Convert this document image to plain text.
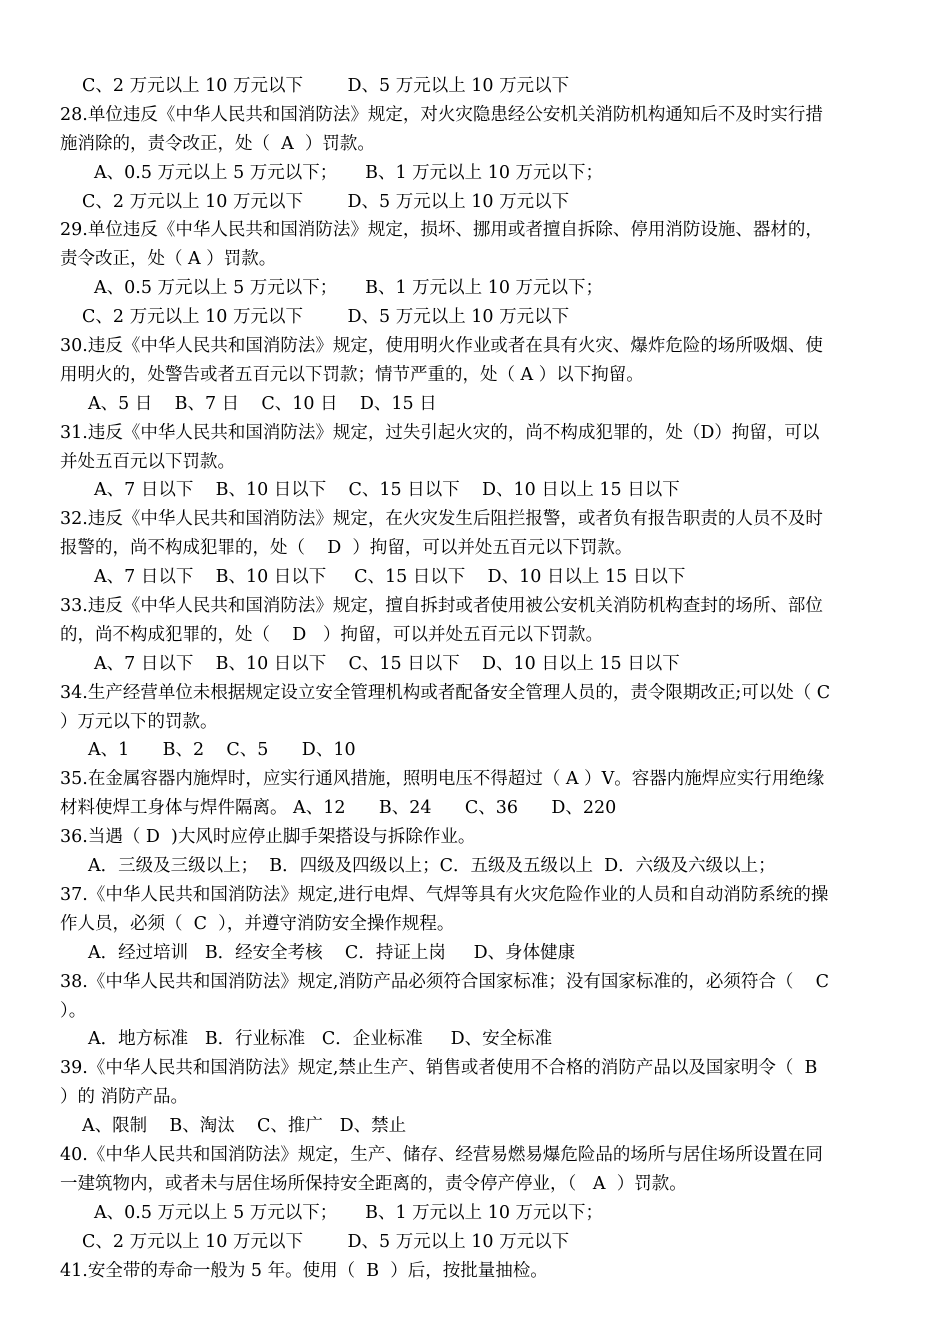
C、2 万元以上 10 万元以下        D、5 万元以上 10 万元以下
28.单位违反《中华人民共和国消防法》规定，对火灾隐患经公安机关消防机构通知后不及时实行措
施消除的，责令改正，处（  A  ）罚款。
A、0.5 万元以上 5 万元以下；     B、1 万元以上 10 万元以下；
C、2 万元以上 10 万元以下        D、5 万元以上 10 万元以下
29.单位违反《中华人民共和国消防法》规定，损坏、挪用或者擅自拆除、停用消防设施、器材的，
责令改正，处（ A ）罚款。
A、0.5 万元以上 5 万元以下；     B、1 万元以上 10 万元以下；
C、2 万元以上 10 万元以下        D、5 万元以上 10 万元以下
30.违反《中华人民共和国消防法》规定，使用明火作业或者在具有火灾、爆炸危险的场所吸烟、使
用明火的，处警告或者五百元以下罚款；情节严重的，处（ A ）以下拘留。
A、5 日    B、7 日    C、10 日    D、15 日
31.违反《中华人民共和国消防法》规定，过失引起火灾的，尚不构成犯罪的，处（D）拘留，可以
并处五百元以下罚款。
A、7 日以下    B、10 日以下    C、15 日以下    D、10 日以上 15 日以下
32.违反《中华人民共和国消防法》规定，在火灾发生后阻拦报警，或者负有报告职责的人员不及时
报警的，尚不构成犯罪的，处（    D  ）拘留，可以并处五百元以下罚款。
A、7 日以下    B、10 日以下     C、15 日以下    D、10 日以上 15 日以下
33.违反《中华人民共和国消防法》规定，擅自拆封或者使用被公安机关消防机构查封的场所、部位
的，尚不构成犯罪的，处（    D   ）拘留，可以并处五百元以下罚款。
A、7 日以下    B、10 日以下    C、15 日以下    D、10 日以上 15 日以下
34.生产经营单位未根据规定设立安全管理机构或者配备安全管理人员的，责令限期改正;可以处（ C
）万元以下的罚款。
A、1      B、2    C、5      D、10
35.在金属容器内施焊时，应实行通风措施，照明电压不得超过（ A ）V。容器内施焊应实行用绝缘
材料使焊工身体与焊件隔离。 A、12      B、24      C、36      D、220
36.当遇（ D  )大风时应停止脚手架搭设与拆除作业。
A．三级及三级以上；  B．四级及四级以上；C．五级及五级以上  D．六级及六级以上；
37.《中华人民共和国消防法》规定,进行电焊、气焊等具有火灾危险作业的人员和自动消防系统的操
作人员，必须（  C  ），并遵守消防安全操作规程。
A．经过培训   B．经安全考核    C．持证上岗     D、身体健康
38.《中华人民共和国消防法》规定,消防产品必须符合国家标准；没有国家标准的，必须符合（    C
）。
A．地方标准   B．行业标准   C．企业标准     D、安全标准
39.《中华人民共和国消防法》规定,禁止生产、销售或者使用不合格的消防产品以及国家明令（  B
）的 消防产品。
A、限制    B、淘汰    C、推广   D、禁止
40.《中华人民共和国消防法》规定，生产、储存、经营易燃易爆危险品的场所与居住场所设置在同
一建筑物内，或者未与居住场所保持安全距离的，责令停产停业，（   A  ）罚款。
A、0.5 万元以上 5 万元以下；     B、1 万元以上 10 万元以下；
C、2 万元以上 10 万元以下        D、5 万元以上 10 万元以下
41.安全带的寿命一般为 5 年。使用（  B  ）后，按批量抽检。
